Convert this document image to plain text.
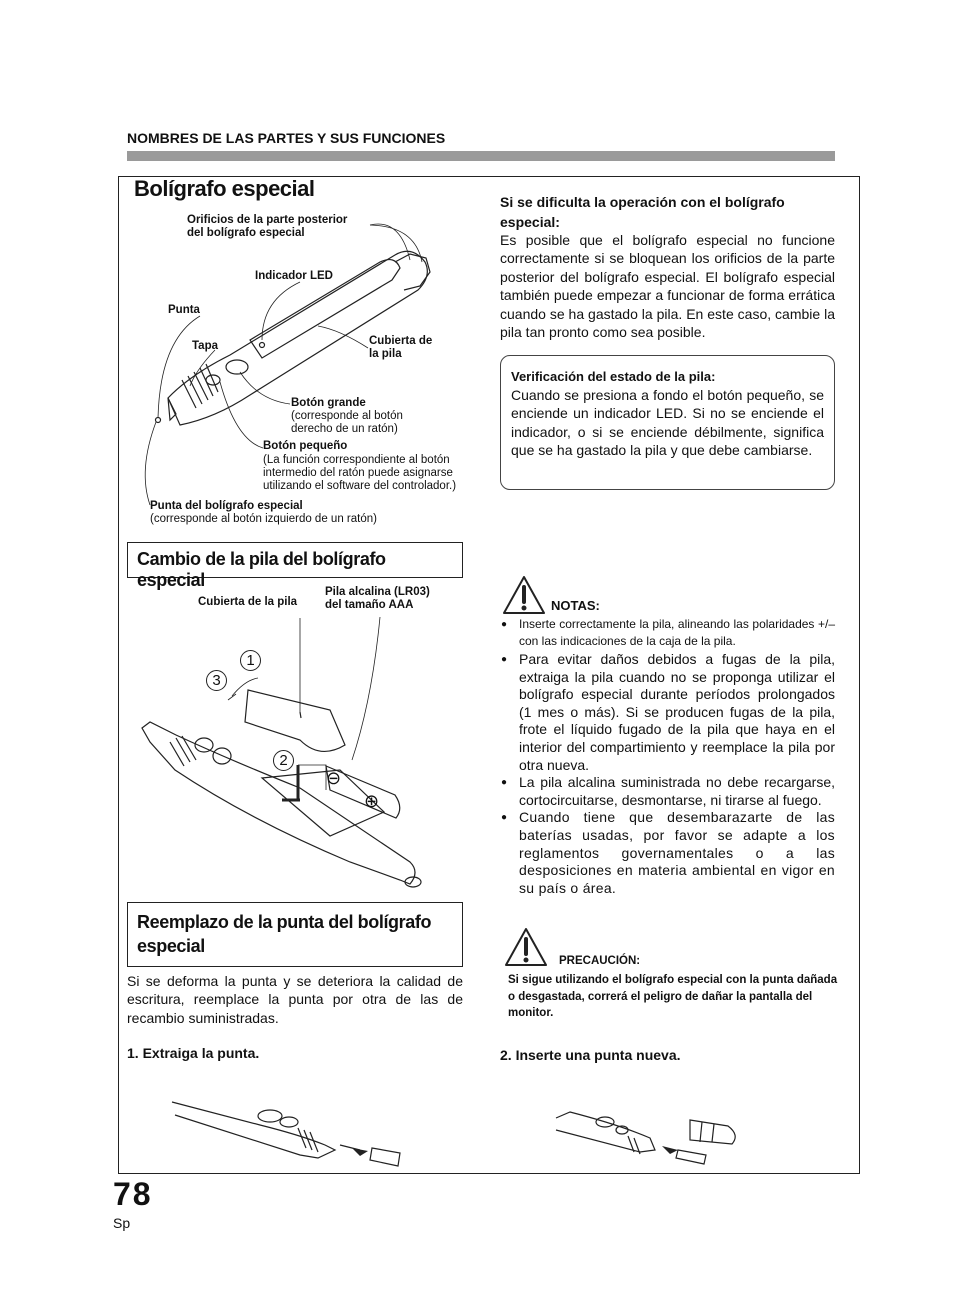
NOMBRES DE LAS PARTES Y SUS FUNCIONES
Bolígrafo especial
Orificios de la parte posterior
del bolígrafo especial
Indicador LED
Punta
Tapa	Cubierta de
la pila
Botón grande
(corresponde al botón
derecho de un ratón)
Botón pequeño
(La función correspondiente al botón
intermedio del ratón puede asignarse
utilizando el software del controlador.)
Punta del bolígrafo especial
(corresponde al botón izquierdo de un ratón)
Si se dificulta la operación con el bolígrafo especial:
Es posible que el bolígrafo especial no funcione correctamente si se bloquean los orificios de la parte posterior del bolígrafo especial. El bolígrafo especial también puede empezar a funcionar de forma errática cuando se ha gastado la pila. En este caso, cambie la pila tan pronto como sea posible.
Verificación del estado de la pila:
Cuando se presiona a fondo el botón pequeño, se enciende un indicador LED. Si no se enciende el indicador, o si se enciende débilmente, significa que se ha gastado la pila y que debe cambiarse.
Cambio de la pila del bolígrafo especial
Cubierta de la pila
Pila alcalina (LR03)
del tamaño AAA
1
2
3
⊖
⊕
NOTAS:
● Inserte correctamente la pila, alineando las polaridades +/– con las indicaciones de la caja de la pila.
● Para evitar daños debidos a fugas de la pila, extraiga la pila cuando no se proponga utilizar el bolígrafo especial durante períodos prolongados (1 mes o más). Si se producen fugas de la pila, frote el líquido fugado de la pila que haya en el interior del compartimiento y reemplace la pila por otra nueva.
● La pila alcalina suministrada no debe recargarse, cortocircuitarse, desmontarse, ni tirarse al fuego.
● Cuando tiene que desembarazarte de las baterías usadas, por favor se adapte a los reglamentos governamentales o a las desposiciones en materia ambiental en vigor en su país o área.
Reemplazo de la punta del bolígrafo especial
Si se deforma la punta y se deteriora la calidad de escritura, reemplace la punta por otra de las de recambio suministradas.
1. Extraiga la punta.
PRECAUCIÓN:
Si sigue utilizando el bolígrafo especial con la punta dañada o desgastada, correrá el peligro de dañar la pantalla del monitor.
2. Inserte una punta nueva.
78
Sp
